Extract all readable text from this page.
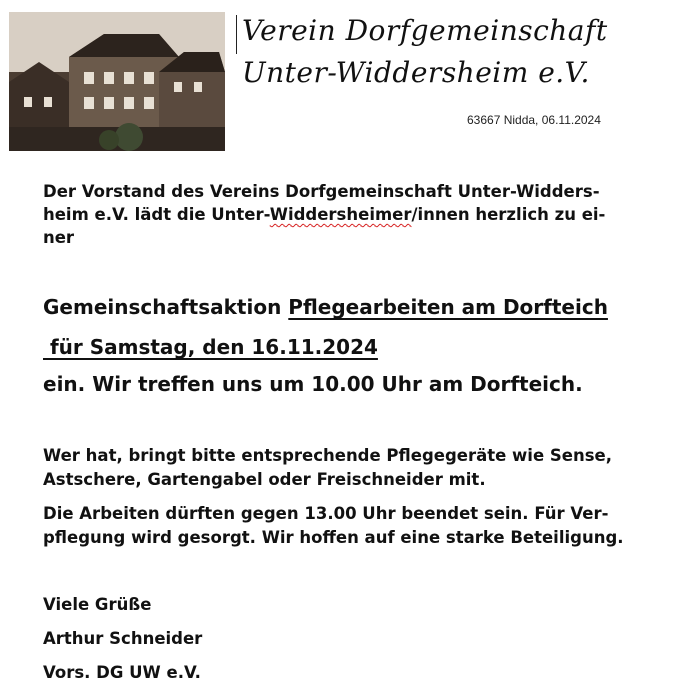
Verein Dorfgemeinschaft
Unter-Widdersheim e.V.
63667 Nidda, 06.11.2024
Der Vorstand des Vereins Dorfgemeinschaft Unter-Widders-
heim e.V. lädt die Unter-Widdersheimer/innen herzlich zu ei-
ner
Gemeinschaftsaktion Pflegearbeiten am Dorfteich
für Samstag, den 16.11.2024
ein. Wir treffen uns um 10.00 Uhr am Dorfteich.
Wer hat, bringt bitte entsprechende Pflegegeräte wie Sense,
Astschere, Gartengabel oder Freischneider mit.
Die Arbeiten dürften gegen 13.00 Uhr beendet sein. Für Ver-
pflegung wird gesorgt. Wir hoffen auf eine starke Beteiligung.
Viele Grüße
Arthur Schneider
Vors. DG UW e.V.
